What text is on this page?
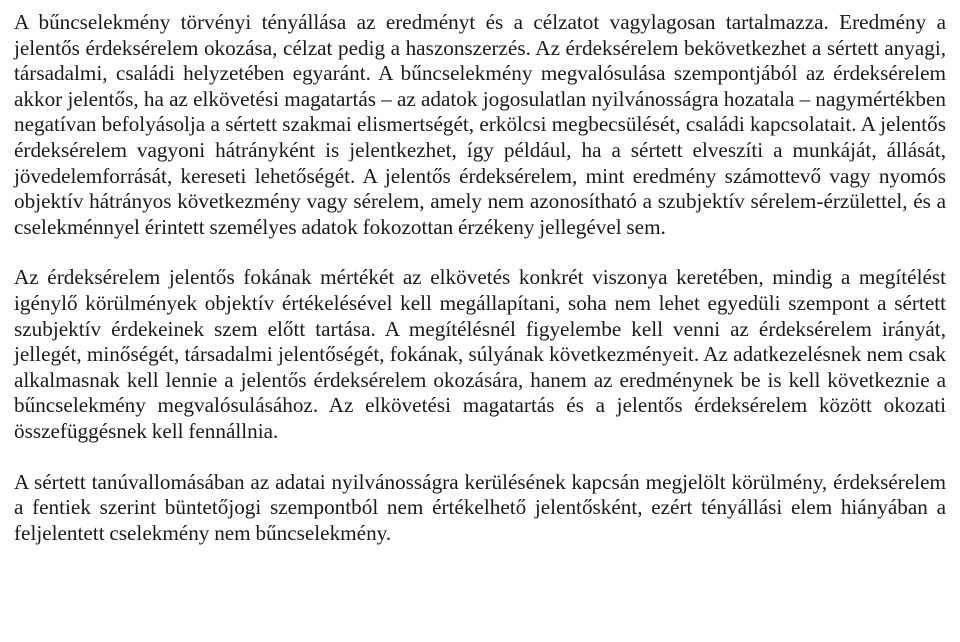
A bűncselekmény törvényi tényállása az eredményt és a célzatot vagylagosan tartalmazza. Eredmény a jelentős érdeksérelem okozása, célzat pedig a haszonszerzés. Az érdeksérelem bekövetkezhet a sértett anyagi, társadalmi, családi helyzetében egyaránt. A bűncselekmény megvalósulása szempontjából az érdeksérelem akkor jelentős, ha az elkövetési magatartás – az adatok jogosulatlan nyilvánosságra hozatala – nagymértékben negatívan befolyásolja a sértett szakmai elismertségét, erkölcsi megbecsülését, családi kapcsolatait. A jelentős érdeksérelem vagyoni hátrányként is jelentkezhet, így például, ha a sértett elveszíti a munkáját, állását, jövedelemforrását, kereseti lehetőségét. A jelentős érdeksérelem, mint eredmény számottevő vagy nyomós objektív hátrányos következmény vagy sérelem, amely nem azonosítható a szubjektív sérelem-érzülettel, és a cselekménnyel érintett személyes adatok fokozottan érzékeny jellegével sem.

Az érdeksérelem jelentős fokának mértékét az elkövetés konkrét viszonya keretében, mindig a megítélést igénylő körülmények objektív értékelésével kell megállapítani, soha nem lehet egyedüli szempont a sértett szubjektív érdekeinek szem előtt tartása. A megítélésnél figyelembe kell venni az érdeksérelem irányát, jellegét, minőségét, társadalmi jelentőségét, fokának, súlyának következményeit. Az adatkezelésnek nem csak alkalmasnak kell lennie a jelentős érdeksérelem okozására, hanem az eredménynek be is kell következnie a bűncselekmény megvalósulásához. Az elkövetési magatartás és a jelentős érdeksérelem között okozati összefüggésnek kell fennállnia.

A sértett tanúvallomásában az adatai nyilvánosságra kerülésének kapcsán megjelölt körülmény, érdeksérelem a fentiek szerint büntetőjogi szempontból nem értékelhető jelentősként, ezért tényállási elem hiányában a feljelentett cselekmény nem bűncselekmény.
